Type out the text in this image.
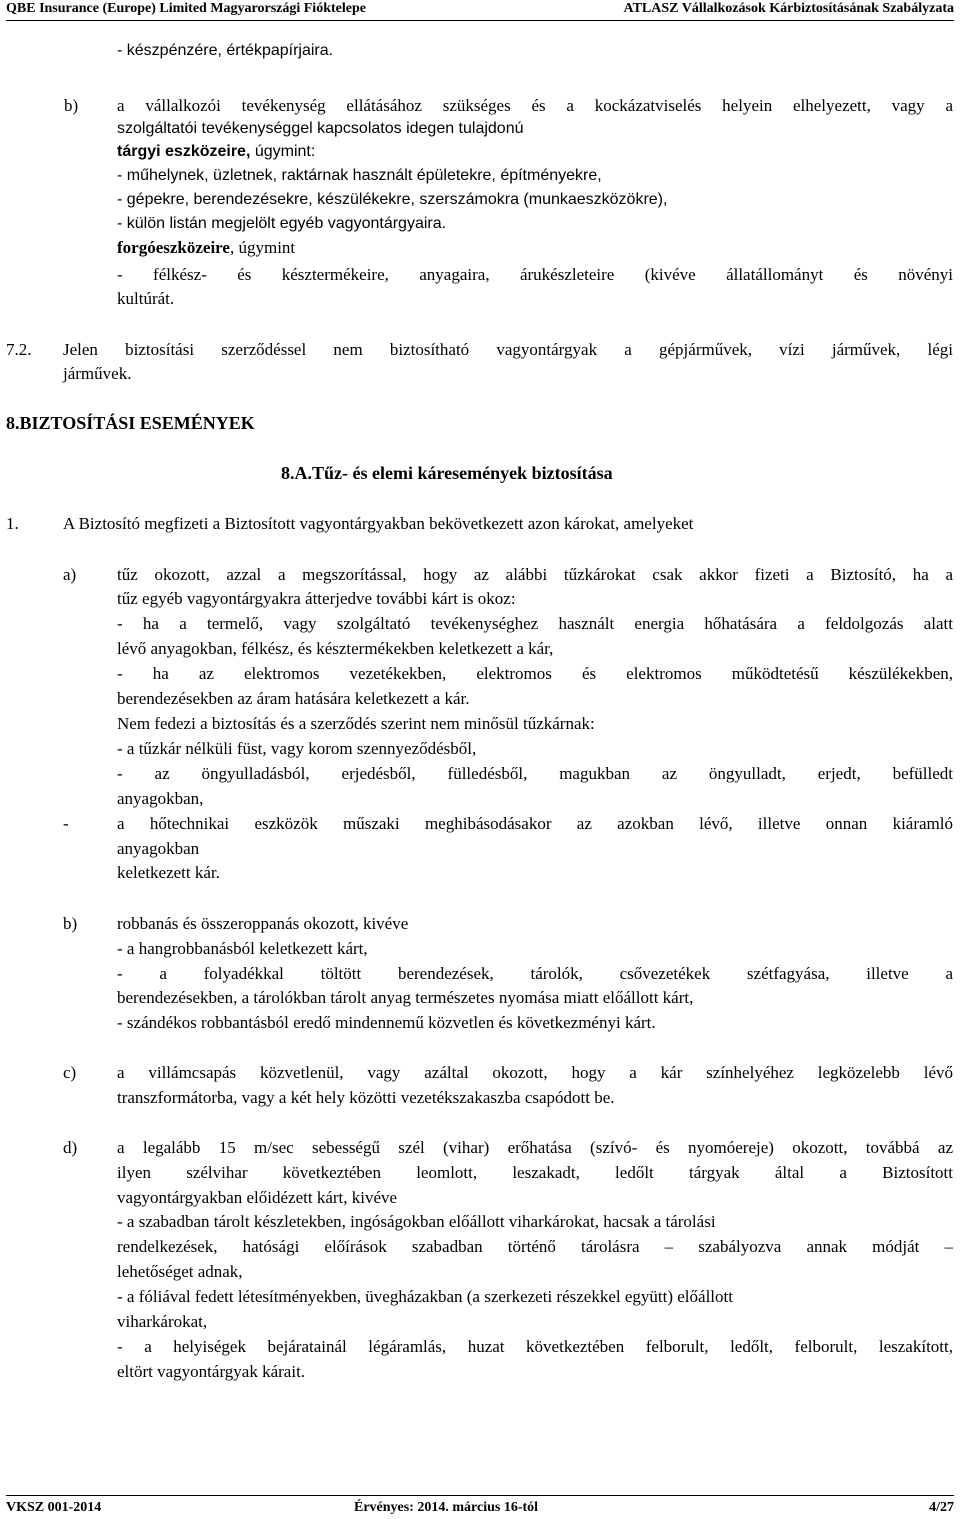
QBE Insurance (Europe) Limited Magyarországi Fióktelepe	ATLASZ Vállalkozások Kárbiztosításának Szabályzata
- készpénzére, értékpapírjaira.
b) a vállalkozói tevékenység ellátásához szükséges és a kockázatviselés helyein elhelyezett, vagy a
szolgáltatói tevékenységgel kapcsolatos idegen tulajdonú
tárgyi eszközeire, úgymint:
- műhelynek, üzletnek, raktárnak használt épületekre, építményekre,
- gépekre, berendezésekre, készülékekre, szerszámokra (munkaeszközökre),
- külön listán megjelölt egyéb vagyontárgyaira.
forgóeszközeire, úgymint
- félkész- és késztermékeire, anyagaira, árukészleteire (kivéve állatállományt és növényi
kultúrát.
7.2. Jelen biztosítási szerződéssel nem biztosítható vagyontárgyak a gépjárművek, vízi járművek, légi
járművek.
8.BIZTOSÍTÁSI ESEMÉNYEK
8.A.Tűz- és elemi káresemények biztosítása
1.	A Biztosító megfizeti a Biztosított vagyontárgyakban bekövetkezett azon károkat, amelyeket
a) tűz okozott, azzal a megszorítással, hogy az alábbi tűzkárokat csak akkor fizeti a Biztosító, ha a
tűz egyéb vagyontárgyakra átterjedve további kárt is okoz:
- ha a termelő, vagy szolgáltató tevékenységhez használt energia hőhatására a feldolgozás alatt
lévő anyagokban, félkész, és késztermékekben keletkezett a kár,
- ha az elektromos vezetékekben, elektromos és elektromos működtetésű készülékekben,
berendezésekben az áram hatására keletkezett a kár.
Nem fedezi a biztosítás és a szerződés szerint nem minősül tűzkárnak:
- a tűzkár nélküli füst, vagy korom szennyeződésből,
- az öngyulladásból, erjedésből, fülledésből, magukban az öngyulladt, erjedt, befülledt
anyagokban,
-	a hőtechnikai eszközök műszaki meghibásodásakor az azokban lévő, illetve onnan kiáramló
anyagokban
keletkezett kár.
b) robbanás és összeroppanás okozott, kivéve
- a hangrobbanásból keletkezett kárt,
- a folyadékkal töltött berendezések, tárolók, csővezetékek szétfagyása, illetve a
berendezésekben, a tárolókban tárolt anyag természetes nyomása miatt előállott kárt,
- szándékos robbantásból eredő mindennemű közvetlen és következményi kárt.
c) a villámcsapás közvetlenül, vagy azáltal okozott, hogy a kár színhelyéhez legközelebb lévő
transzformátorba, vagy a két hely közötti vezetékszakaszba csapódott be.
d) a legalább 15 m/sec sebességű szél (vihar) erőhatása (szívó- és nyomóereje) okozott, továbbá az
ilyen szélvihar következtében leomlott, leszakadt, ledőlt tárgyak által a Biztosított
vagyontárgyakban előidézett kárt, kivéve
- a szabadban tárolt készletekben, ingóságokban előállott viharkárokat, hacsak a tárolási
rendelkezések, hatósági előírások szabadban történő tárolásra – szabályozva annak módját –
lehetőséget adnak,
- a fóliával fedett létesítményekben, üvegházakban (a szerkezeti részekkel együtt) előállott
viharkárokat,
- a helyiségek bejáratainál légáramlás, huzat következtében felborult, ledőlt, felborult, leszakított,
eltört vagyontárgyak kárait.
VKSZ 001-2014	Érvényes: 2014. március 16-tól	4/27
